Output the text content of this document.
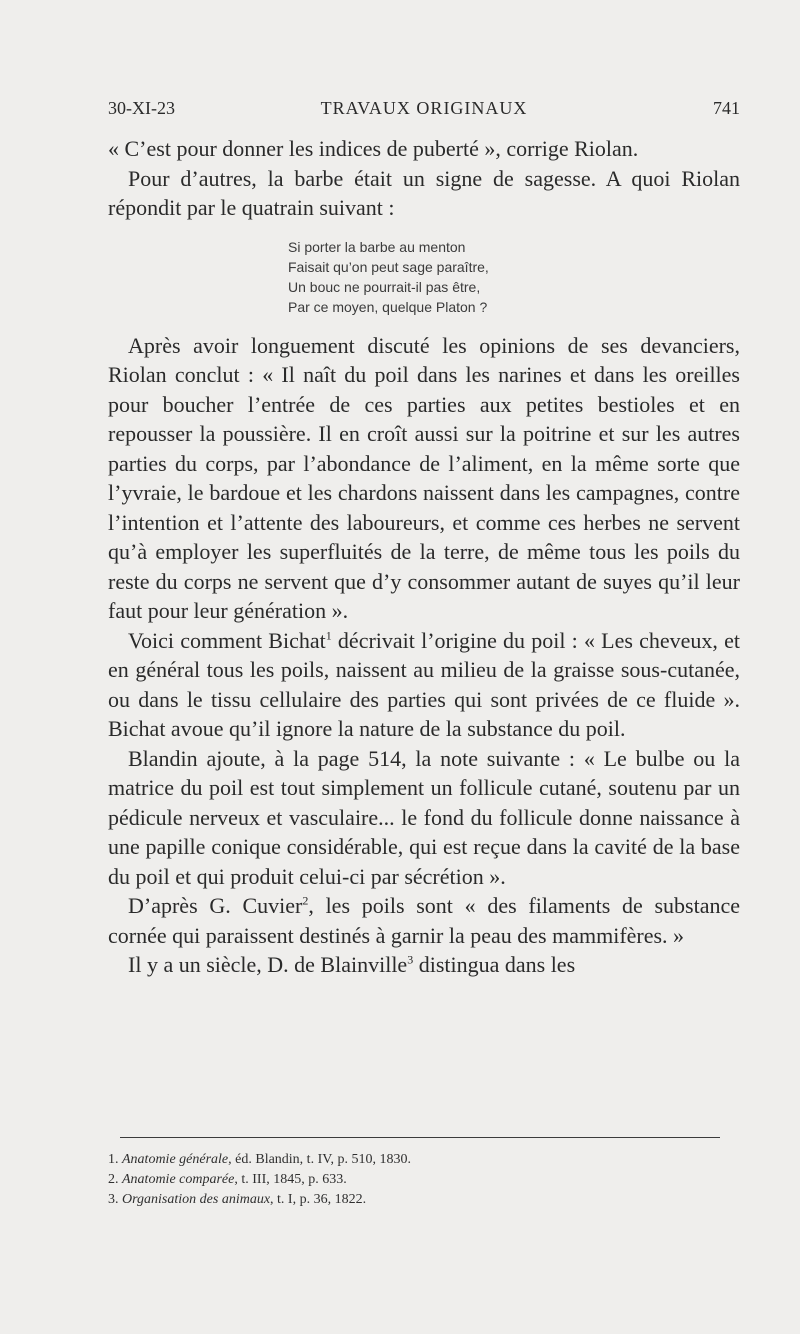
30-XI-23	TRAVAUX ORIGINAUX	741

« C’est pour donner les indices de puberté », corrige Riolan.

Pour d’autres, la barbe était un signe de sagesse. A quoi Riolan répondit par le quatrain suivant :

Si porter la barbe au menton
Faisait qu’on peut sage paraître,
Un bouc ne pourrait-il pas être,
Par ce moyen, quelque Platon ?

Après avoir longuement discuté les opinions de ses devanciers, Riolan conclut : « Il naît du poil dans les narines et dans les oreilles pour boucher l’entrée de ces parties aux petites bestioles et en repousser la poussière. Il en croît aussi sur la poitrine et sur les autres parties du corps, par l’abondance de l’aliment, en la même sorte que l’yvraie, le bardoue et les chardons naissent dans les campagnes, contre l’intention et l’attente des laboureurs, et comme ces herbes ne servent qu’à employer les superfluités de la terre, de même tous les poils du reste du corps ne servent que d’y consommer autant de suyes qu’il leur faut pour leur génération ».

Voici comment Bichat$^1$ décrivait l’origine du poil : « Les cheveux, et en général tous les poils, naissent au milieu de la graisse sous-cutanée, ou dans le tissu cellulaire des parties qui sont privées de ce fluide ». Bichat avoue qu’il ignore la nature de la substance du poil.

Blandin ajoute, à la page 514, la note suivante : « Le bulbe ou la matrice du poil est tout simplement un follicule cutané, soutenu par un pédicule nerveux et vasculaire... le fond du follicule donne naissance à une papille conique considérable, qui est reçue dans la cavité de la base du poil et qui produit celui-ci par sécrétion ».

D’après G. Cuvier$^2$, les poils sont « des filaments de substance cornée qui paraissent destinés à garnir la peau des mammifères. »

Il y a un siècle, D. de Blainville$^3$ distingua dans les

1. Anatomie générale, éd. Blandin, t. IV, p. 510, 1830.
2. Anatomie comparée, t. III, 1845, p. 633.
3. Organisation des animaux, t. I, p. 36, 1822.
